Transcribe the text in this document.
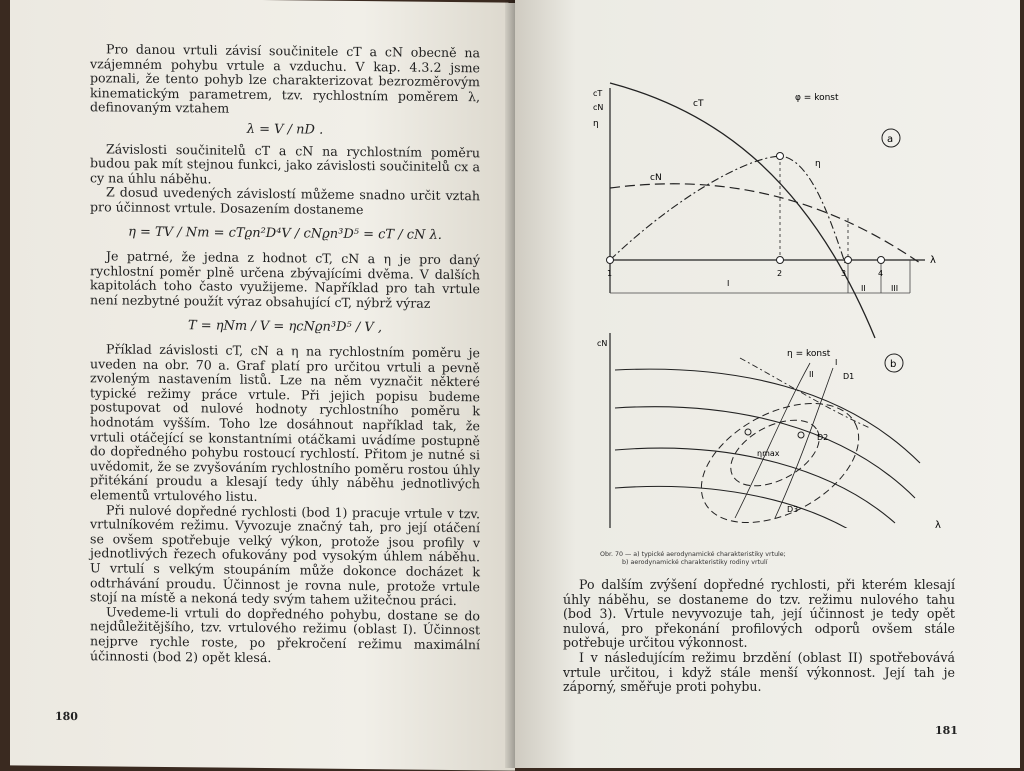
Pro danou vrtuli závisí součinitele cT a cN obecně na vzájemném pohybu vrtule a vzduchu. V kap. 4.3.2 jsme poznali, že tento pohyb lze charakterizovat bezrozměrovým kinematickým parametrem, tzv. rychlostním poměrem λ, definovaným vztahem

λ = V / nD .

Závislosti součinitelů cT a cN na rychlostním poměru budou pak mít stejnou funkci, jako závislosti součinitelů cx a cy na úhlu náběhu.

Z dosud uvedených závislostí můžeme snadno určit vztah pro účinnost vrtule. Dosazením dostaneme

η = TV / Nm = cTϱn²D⁴V / cNϱn³D⁵ = cT / cN λ.

Je patrné, že jedna z hodnot cT, cN a η je pro daný rychlostní poměr plně určena zbývajícími dvěma. V dalších kapitolách toho často využijeme. Například pro tah vrtule není nezbytné použít výraz obsahující cT, nýbrž výraz

T = ηNm / V = ηcNϱn³D⁵ / V ,

Příklad závislosti cT, cN a η na rychlostním poměru je uveden na obr. 70 a. Graf platí pro určitou vrtuli a pevně zvoleným nastavením listů. Lze na něm vyznačit některé typické režimy práce vrtule. Při jejich popisu budeme postupovat od nulové hodnoty rychlostního poměru k hodnotám vyšším. Toho lze dosáhnout například tak, že vrtuli otáčející se konstantními otáčkami uvádíme postupně do dopředného pohybu rostoucí rychlostí. Přitom je nutné si uvědomit, že se zvyšováním rychlostního poměru rostou úhly přitékání proudu a klesají tedy úhly náběhu jednotlivých elementů vrtulového listu.

Při nulové dopředné rychlosti (bod 1) pracuje vrtule v tzv. vrtulníkovém režimu. Vyvozuje značný tah, pro její otáčení se ovšem spotřebuje velký výkon, protože jsou profily v jednotlivých řezech ofukovány pod vysokým úhlem náběhu. U vrtulí s velkým stoupáním může dokonce docházet k odtrhávání proudu. Účinnost je rovna nule, protože vrtule stojí na místě a nekoná tedy svým tahem užitečnou práci.

Uvedeme-li vrtuli do dopředného pohybu, dostane se do nejdůležitějšího, tzv. vrtulového režimu (oblast I). Účinnost nejprve rychle roste, po překročení režimu maximální účinnosti (bod 2) opět klesá.

180
cT
cN
η
λ
φ = konst
a
cT
cN
η
1	2	3	4
I
II	III
cN
λ
b
η = konst
ηmax
I
II	D1
D2
D3
Obr. 70 — a) typické aerodynamické charakteristiky vrtule;
b) aerodynamické charakteristiky rodiny vrtulí

Po dalším zvýšení dopředné rychlosti, při kterém klesají úhly náběhu, se dostaneme do tzv. režimu nulového tahu (bod 3). Vrtule nevyvozuje tah, její účinnost je tedy opět nulová, pro překonání profilových odporů ovšem stále potřebuje určitou výkonnost.

I v následujícím režimu brzdění (oblast II) spotřebovává vrtule určitou, i když stále menší výkonnost. Její tah je záporný, směřuje proti pohybu.

181
